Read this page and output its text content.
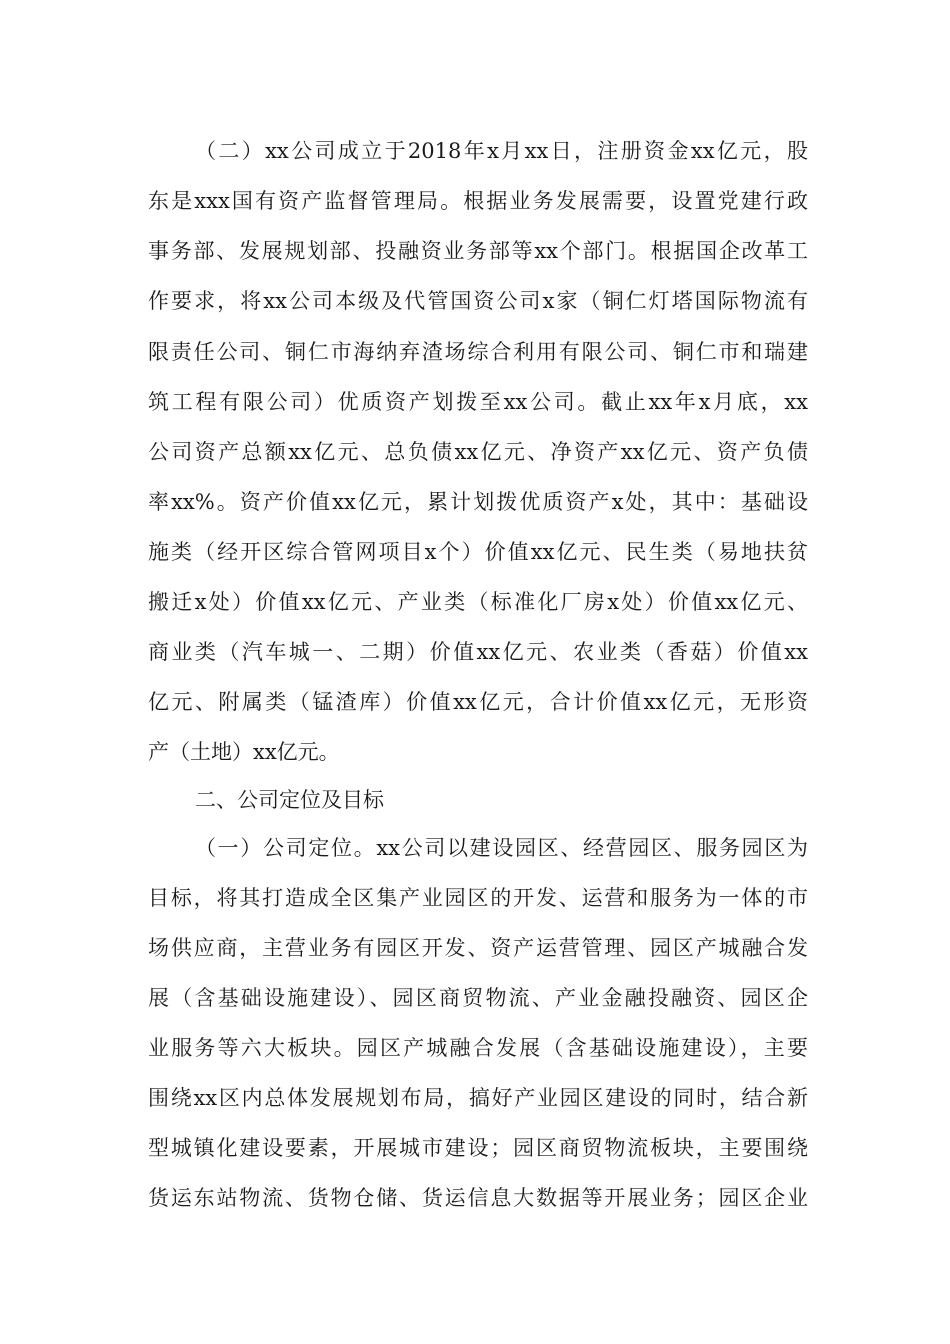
（二）xx公司成立于2018年x月xx日，注册资金xx亿元，股
东是xxx国有资产监督管理局。根据业务发展需要，设置党建行政
事务部、发展规划部、投融资业务部等xx个部门。根据国企改革工
作要求，将xx公司本级及代管国资公司x家（铜仁灯塔国际物流有
限责任公司、铜仁市海纳弃渣场综合利用有限公司、铜仁市和瑞建
筑工程有限公司）优质资产划拨至xx公司。截止xx年x月底，xx
公司资产总额xx亿元、总负债xx亿元、净资产xx亿元、资产负债
率xx%。资产价值xx亿元，累计划拨优质资产x处，其中：基础设
施类（经开区综合管网项目x个）价值xx亿元、民生类（易地扶贫
搬迁x处）价值xx亿元、产业类（标准化厂房x处）价值xx亿元、
商业类（汽车城一、二期）价值xx亿元、农业类（香菇）价值xx
亿元、附属类（锰渣库）价值xx亿元，合计价值xx亿元，无形资
产（土地）xx亿元。
二、公司定位及目标
（一）公司定位。xx公司以建设园区、经营园区、服务园区为
目标，将其打造成全区集产业园区的开发、运营和服务为一体的市
场供应商，主营业务有园区开发、资产运营管理、园区产城融合发
展（含基础设施建设）、园区商贸物流、产业金融投融资、园区企
业服务等六大板块。园区产城融合发展（含基础设施建设），主要
围绕xx区内总体发展规划布局，搞好产业园区建设的同时，结合新
型城镇化建设要素，开展城市建设；园区商贸物流板块，主要围绕
货运东站物流、货物仓储、货运信息大数据等开展业务；园区企业
